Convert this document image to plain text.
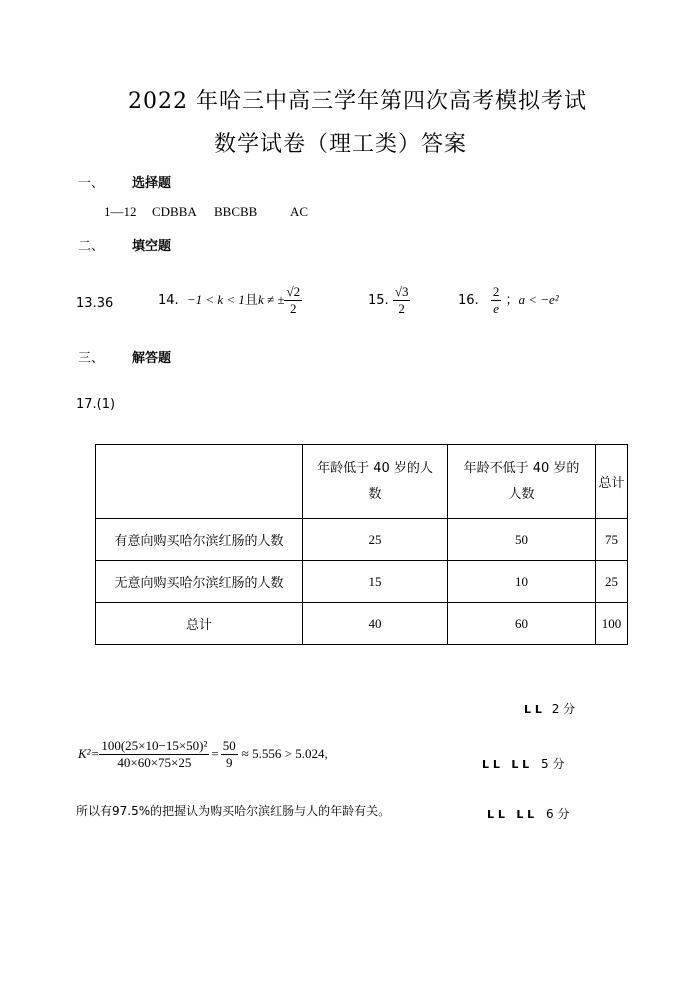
2022 年哈三中高三学年第四次高考模拟考试
数学试卷（理工类）答案
一、 选择题
1—12 CDBBA BBCBB	AC
二、 填空题
13.36	14. −1 < k < 1且k ≠ ± $\frac{√2}{2}$	15. $\frac{√3}{2}$	16. $\frac{2}{e}$ ；a < −e²
三、 解答题
17.(1)
	年龄低于 40 岁的人数	年龄不低于 40 岁的人数	总计
有意向购买哈尔滨红肠的人数	25	50	75
无意向购买哈尔滨红肠的人数	15	10	25
总计	40	60	100
L L 2 分
$K^2= \frac{\text{100(25×10−15×50)²}}{40\times 60\times 75\times 25} = \frac{50}{9} \approx 5.556 > 5.024$,
L L   L L 5 分
所以有97.5%的把握认为购买哈尔滨红肠与人的年龄有关。	L L   L L 6 分
